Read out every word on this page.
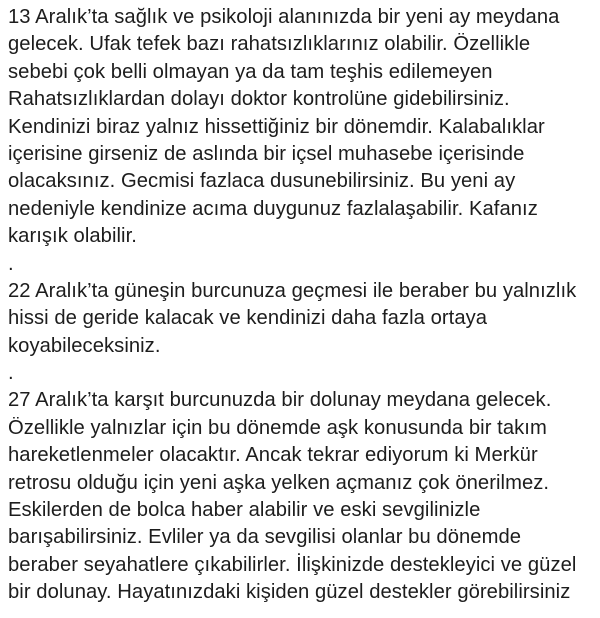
13 Aralık’ta sağlık ve psikoloji alanınızda bir yeni ay meydana
gelecek. Ufak tefek bazı rahatsızlıklarınız olabilir. Özellikle
sebebi çok belli olmayan ya da tam teşhis edilemeyen
Rahatsızlıklardan dolayı doktor kontrolüne gidebilirsiniz.
Kendinizi biraz yalnız hissettiğiniz bir dönemdir. Kalabalıklar
içerisine girseniz de aslında bir içsel muhasebe içerisinde
olacaksınız. Gecmisi fazlaca dusunebilirsiniz. Bu yeni ay
nedeniyle kendinize acıma duygunuz fazlalaşabilir. Kafanız
karışık olabilir.
.
22 Aralık’ta güneşin burcunuza geçmesi ile beraber bu yalnızlık
hissi de geride kalacak ve kendinizi daha fazla ortaya
koyabileceksiniz.
.
27 Aralık’ta karşıt burcunuzda bir dolunay meydana gelecek.
Özellikle yalnızlar için bu dönemde aşk konusunda bir takım
hareketlenmeler olacaktır. Ancak tekrar ediyorum ki Merkür
retrosu olduğu için yeni aşka yelken açmanız çok önerilmez.
Eskilerden de bolca haber alabilir ve eski sevgilinizle
barışabilirsiniz. Evliler ya da sevgilisi olanlar bu dönemde
beraber seyahatlere çıkabilirler. İlişkinizde destekleyici ve güzel
bir dolunay. Hayatınızdaki kişiden güzel destekler görebilirsiniz
